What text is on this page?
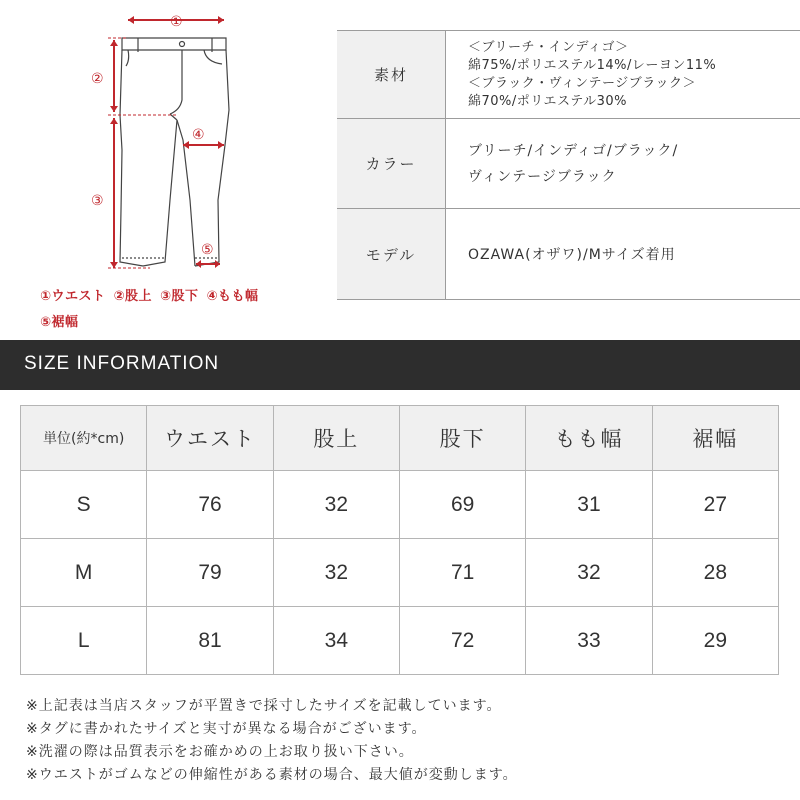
①
②
③
④
⑤
①ウエスト ②股上 ③股下 ④もも幅
⑤裾幅
素材	＜ブリーチ・インディゴ＞
綿75%/ポリエステル14%/レーヨン11%
＜ブラック・ヴィンテージブラック＞
綿70%/ポリエステル30%

カラー	ブリーチ/インディゴ/ブラック/
ヴィンテージブラック

モデル	OZAWA(オザワ)/Mサイズ着用
SIZE INFORMATION
単位(約*cm)	ウエスト	股上	股下	もも幅	裾幅
S	76	32	69	31	27
M	79	32	71	32	28
L	81	34	72	33	29
※上記表は当店スタッフが平置きで採寸したサイズを記載しています。
※タグに書かれたサイズと実寸が異なる場合がございます。
※洗濯の際は品質表示をお確かめの上お取り扱い下さい。
※ウエストがゴムなどの伸縮性がある素材の場合、最大値が変動します。
